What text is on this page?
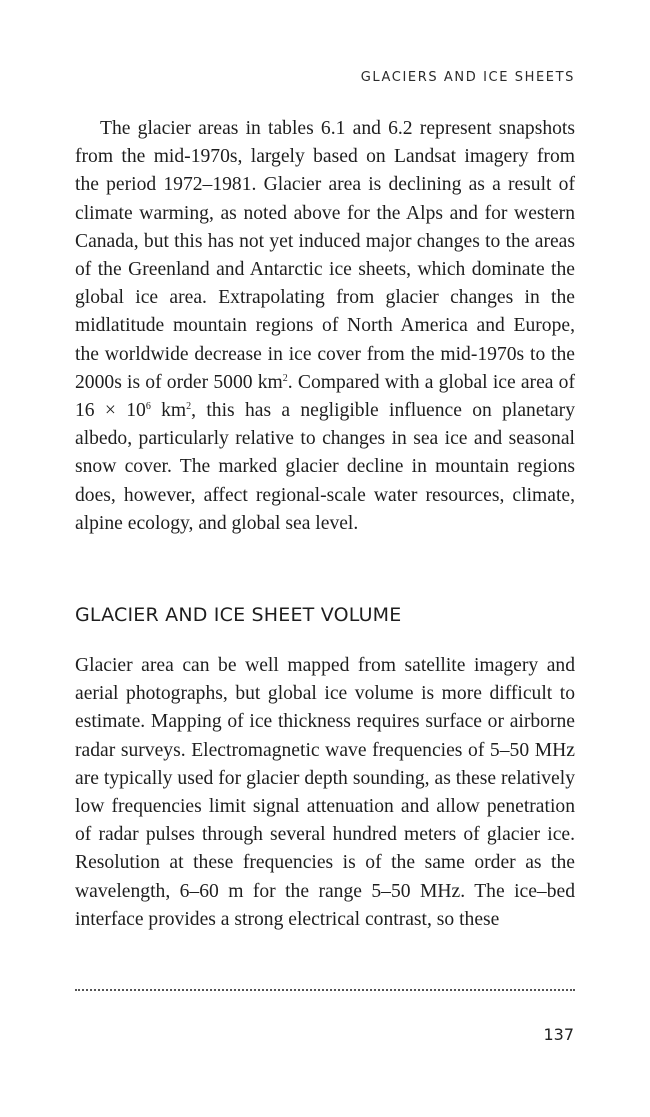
GLACIERS AND ICE SHEETS

The glacier areas in tables 6.1 and 6.2 represent snapshots from the mid-1970s, largely based on Landsat imagery from the period 1972–1981. Glacier area is declining as a result of climate warming, as noted above for the Alps and for western Canada, but this has not yet induced major changes to the areas of the Greenland and Antarctic ice sheets, which dominate the global ice area. Extrapolating from glacier changes in the midlatitude mountain regions of North America and Europe, the worldwide decrease in ice cover from the mid-1970s to the 2000s is of order 5000 $km^2$. Compared with a global ice area of $16 \times 10^6$ $km^2$, this has a negligible influence on planetary albedo, particularly relative to changes in sea ice and seasonal snow cover. The marked glacier decline in mountain regions does, however, affect regional-scale water resources, climate, alpine ecology, and global sea level.

GLACIER AND ICE SHEET VOLUME

Glacier area can be well mapped from satellite imagery and aerial photographs, but global ice volume is more difficult to estimate. Mapping of ice thickness requires surface or airborne radar surveys. Electromagnetic wave frequencies of 5–50 MHz are typically used for glacier depth sounding, as these relatively low frequencies limit signal attenuation and allow penetration of radar pulses through several hundred meters of glacier ice. Resolution at these frequencies is of the same order as the wavelength, 6–60 m for the range 5–50 MHz. The ice–bed interface provides a strong electrical contrast, so these

137
